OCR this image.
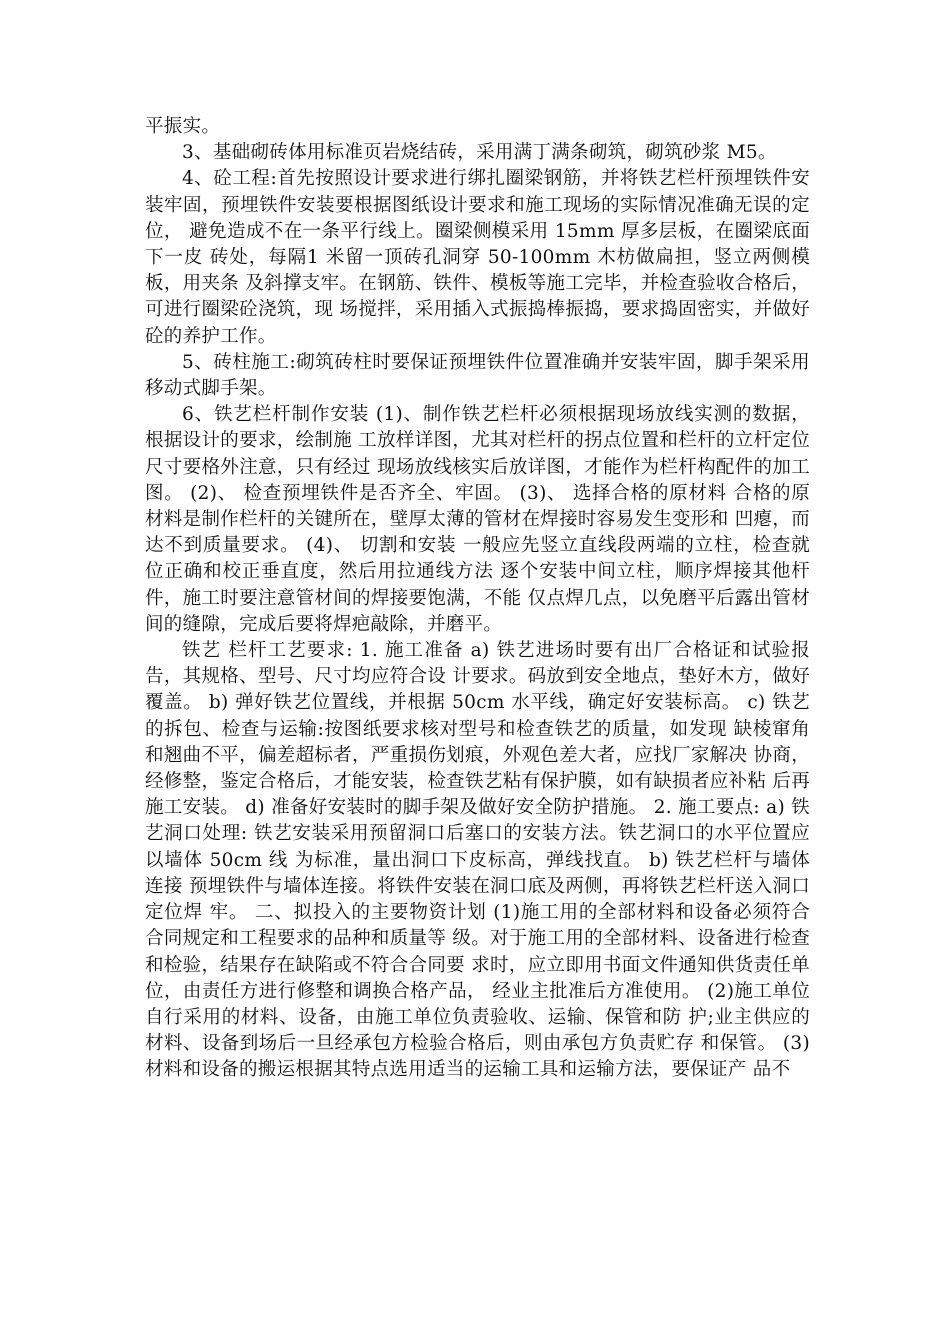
平振实。

3、基础砌砖体用标准页岩烧结砖，采用满丁满条砌筑，砌筑砂浆 M5。

4、砼工程:首先按照设计要求进行绑扎圈梁钢筋，并将铁艺栏杆预埋铁件安 装牢固，预埋铁件安装要根据图纸设计要求和施工现场的实际情况准确无误的定位， 避免造成不在一条平行线上。圈梁侧模采用 15mm 厚多层板，在圈梁底面下一皮 砖处，每隔1 米留一顶砖孔洞穿 50-100mm 木枋做扁担，竖立两侧模板，用夹条 及斜撑支牢。在钢筋、铁件、模板等施工完毕，并检查验收合格后，可进行圈梁砼浇筑，现 场搅拌，采用插入式振捣棒振捣，要求捣固密实，并做好砼的养护工作。

5、砖柱施工:砌筑砖柱时要保证预埋铁件位置准确并安装牢固，脚手架采用 移动式脚手架。

6、铁艺栏杆制作安装 (1)、制作铁艺栏杆必须根据现场放线实测的数据，根据设计的要求，绘制施 工放样详图，尤其对栏杆的拐点位置和栏杆的立杆定位尺寸要格外注意，只有经过 现场放线核实后放详图，才能作为栏杆构配件的加工图。 (2)、 检查预埋铁件是否齐全、牢固。 (3)、 选择合格的原材料 合格的原材料是制作栏杆的关键所在，壁厚太薄的管材在焊接时容易发生变形和 凹瘪，而达不到质量要求。 (4)、 切割和安装 一般应先竖立直线段两端的立柱，检查就位正确和校正垂直度，然后用拉通线方法 逐个安装中间立柱，顺序焊接其他杆件，施工时要注意管材间的焊接要饱满，不能 仅点焊几点，以免磨平后露出管材间的缝隙，完成后要将焊疤敲除，并磨平。

铁艺 栏杆工艺要求: 1. 施工准备 a) 铁艺进场时要有出厂合格证和试验报告，其规格、型号、尺寸均应符合设 计要求。码放到安全地点，垫好木方，做好覆盖。 b) 弹好铁艺位置线，并根据 50cm 水平线，确定好安装标高。 c) 铁艺的拆包、检查与运输:按图纸要求核对型号和检查铁艺的质量，如发现 缺棱窜角和翘曲不平，偏差超标者，严重损伤划痕，外观色差大者，应找厂家解决 协商，经修整，鉴定合格后，才能安装，检查铁艺粘有保护膜，如有缺损者应补粘 后再施工安装。 d) 准备好安装时的脚手架及做好安全防护措施。 2. 施工要点: a) 铁艺洞口处理: 铁艺安装采用预留洞口后塞口的安装方法。铁艺洞口的水平位置应以墙体 50cm 线 为标准，量出洞口下皮标高，弹线找直。 b) 铁艺栏杆与墙体连接 预埋铁件与墙体连接。将铁件安装在洞口底及两侧，再将铁艺栏杆送入洞口定位焊 牢。 二、拟投入的主要物资计划 (1)施工用的全部材料和设备必须符合合同规定和工程要求的品种和质量等 级。对于施工用的全部材料、设备进行检查和检验，结果存在缺陷或不符合合同要 求时，应立即用书面文件通知供货责任单位，由责任方进行修整和调换合格产品， 经业主批准后方准使用。 (2)施工单位自行采用的材料、设备，由施工单位负责验收、运输、保管和防 护;业主供应的材料、设备到场后一旦经承包方检验合格后，则由承包方负责贮存 和保管。 (3)材料和设备的搬运根据其特点选用适当的运输工具和运输方法，要保证产 品不
